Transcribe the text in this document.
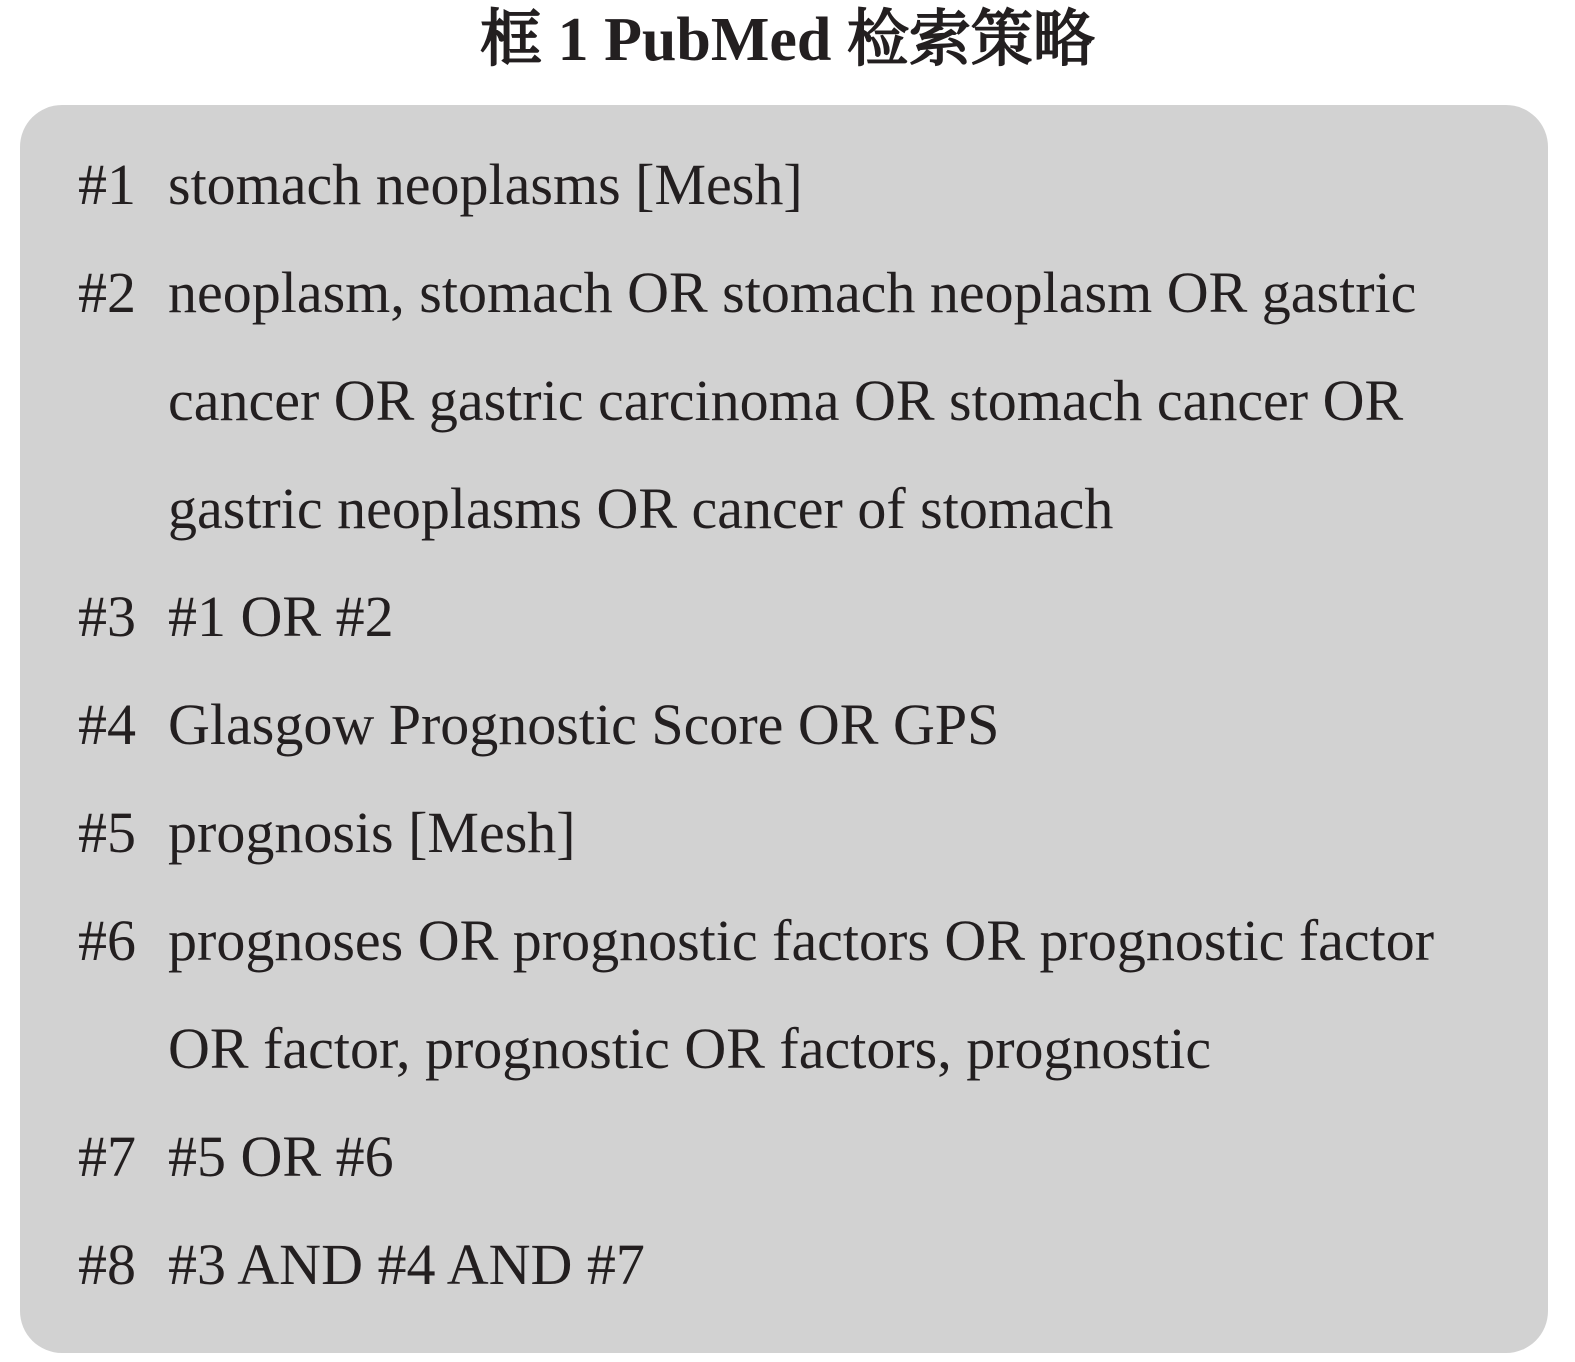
框 1 PubMed 检索策略
#1 stomach neoplasms [Mesh]
#2 neoplasm, stomach OR stomach neoplasm OR gastric
cancer OR gastric carcinoma OR stomach cancer OR
gastric neoplasms OR cancer of stomach
#3 #1 OR #2
#4 Glasgow Prognostic Score OR GPS
#5 prognosis [Mesh]
#6 prognoses OR prognostic factors OR prognostic factor
OR factor, prognostic OR factors, prognostic
#7 #5 OR #6
#8 #3 AND #4 AND #7
